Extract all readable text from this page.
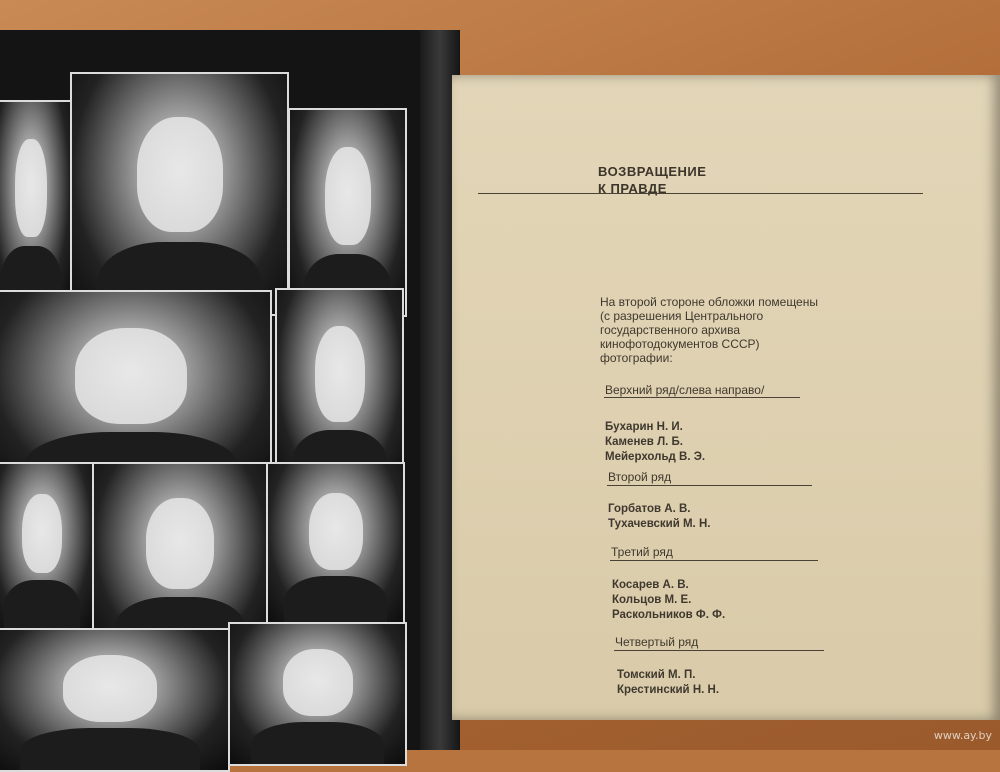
ВОЗВРАЩЕНИЕ
К ПРАВДЕ
На второй стороне обложки помещены (с разрешения Центрального государственного архива кинофотодокументов СССР) фотографии:
Верхний ряд/слева направо/
Бухарин Н. И.
Каменев Л. Б.
Мейерхольд В. Э.
Второй ряд
Горбатов А. В.
Тухачевский М. Н.
Третий ряд
Косарев А. В.
Кольцов М. Е.
Раскольников Ф. Ф.
Четвертый ряд
Томский М. П.
Крестинский Н. Н.
www.ay.by
